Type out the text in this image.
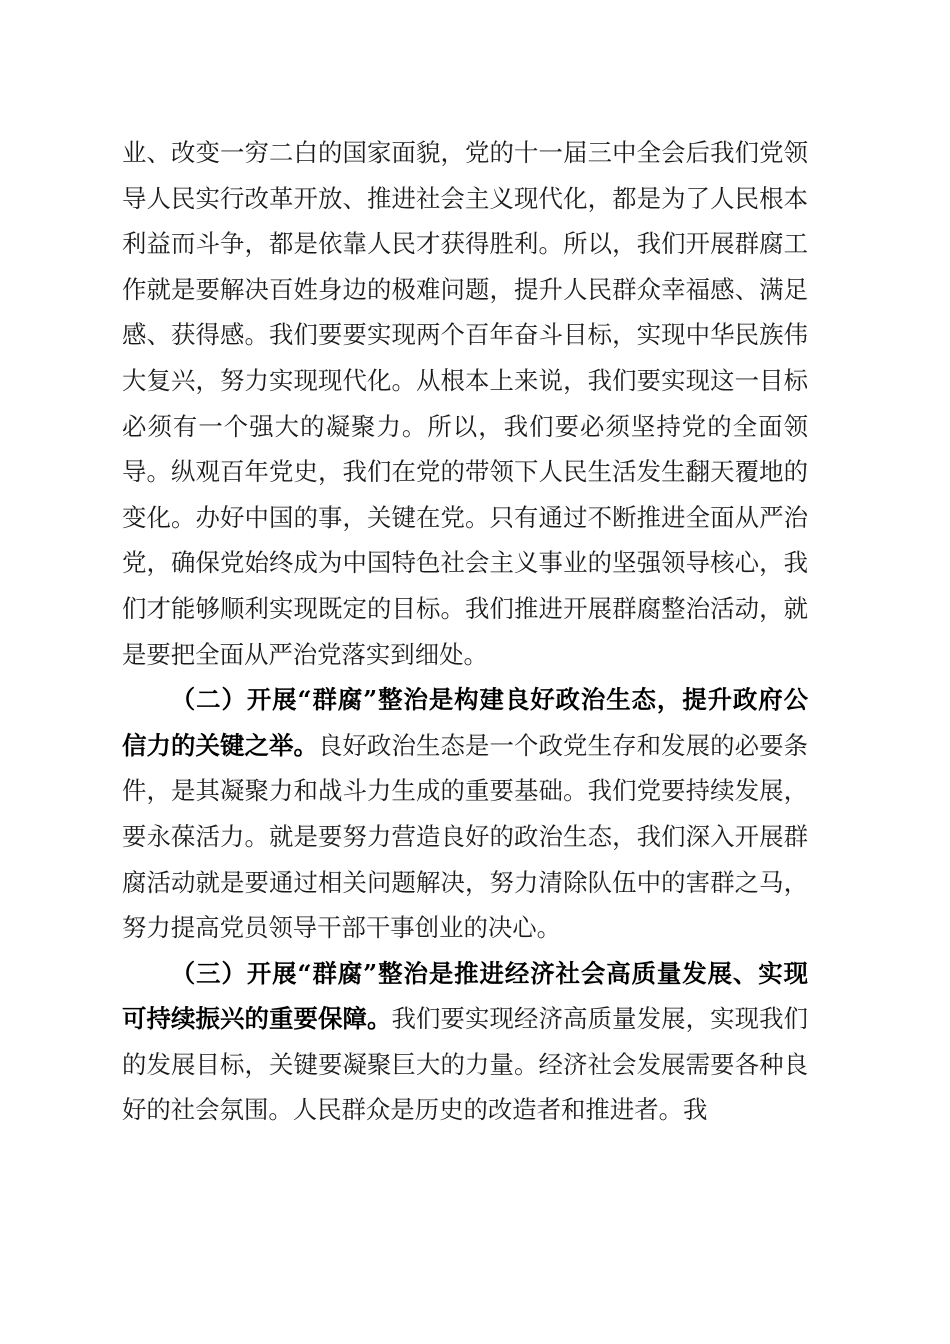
业、改变一穷二白的国家面貌，党的十一届三中全会后我们党领导人民实行改革开放、推进社会主义现代化，都是为了人民根本利益而斗争，都是依靠人民才获得胜利。所以，我们开展群腐工作就是要解决百姓身边的极难问题，提升人民群众幸福感、满足感、获得感。我们要要实现两个百年奋斗目标，实现中华民族伟大复兴，努力实现现代化。从根本上来说，我们要实现这一目标必须有一个强大的凝聚力。所以，我们要必须坚持党的全面领导。纵观百年党史，我们在党的带领下人民生活发生翻天覆地的变化。办好中国的事，关键在党。只有通过不断推进全面从严治党，确保党始终成为中国特色社会主义事业的坚强领导核心，我们才能够顺利实现既定的目标。我们推进开展群腐整治活动，就是要把全面从严治党落实到细处。

（二）开展“群腐”整治是构建良好政治生态，提升政府公信力的关键之举。良好政治生态是一个政党生存和发展的必要条件，是其凝聚力和战斗力生成的重要基础。我们党要持续发展，要永葆活力。就是要努力营造良好的政治生态，我们深入开展群腐活动就是要通过相关问题解决，努力清除队伍中的害群之马，努力提高党员领导干部干事创业的决心。

（三）开展“群腐”整治是推进经济社会高质量发展、实现可持续振兴的重要保障。我们要实现经济高质量发展，实现我们的发展目标，关键要凝聚巨大的力量。经济社会发展需要各种良好的社会氛围。人民群众是历史的改造者和推进者。我
